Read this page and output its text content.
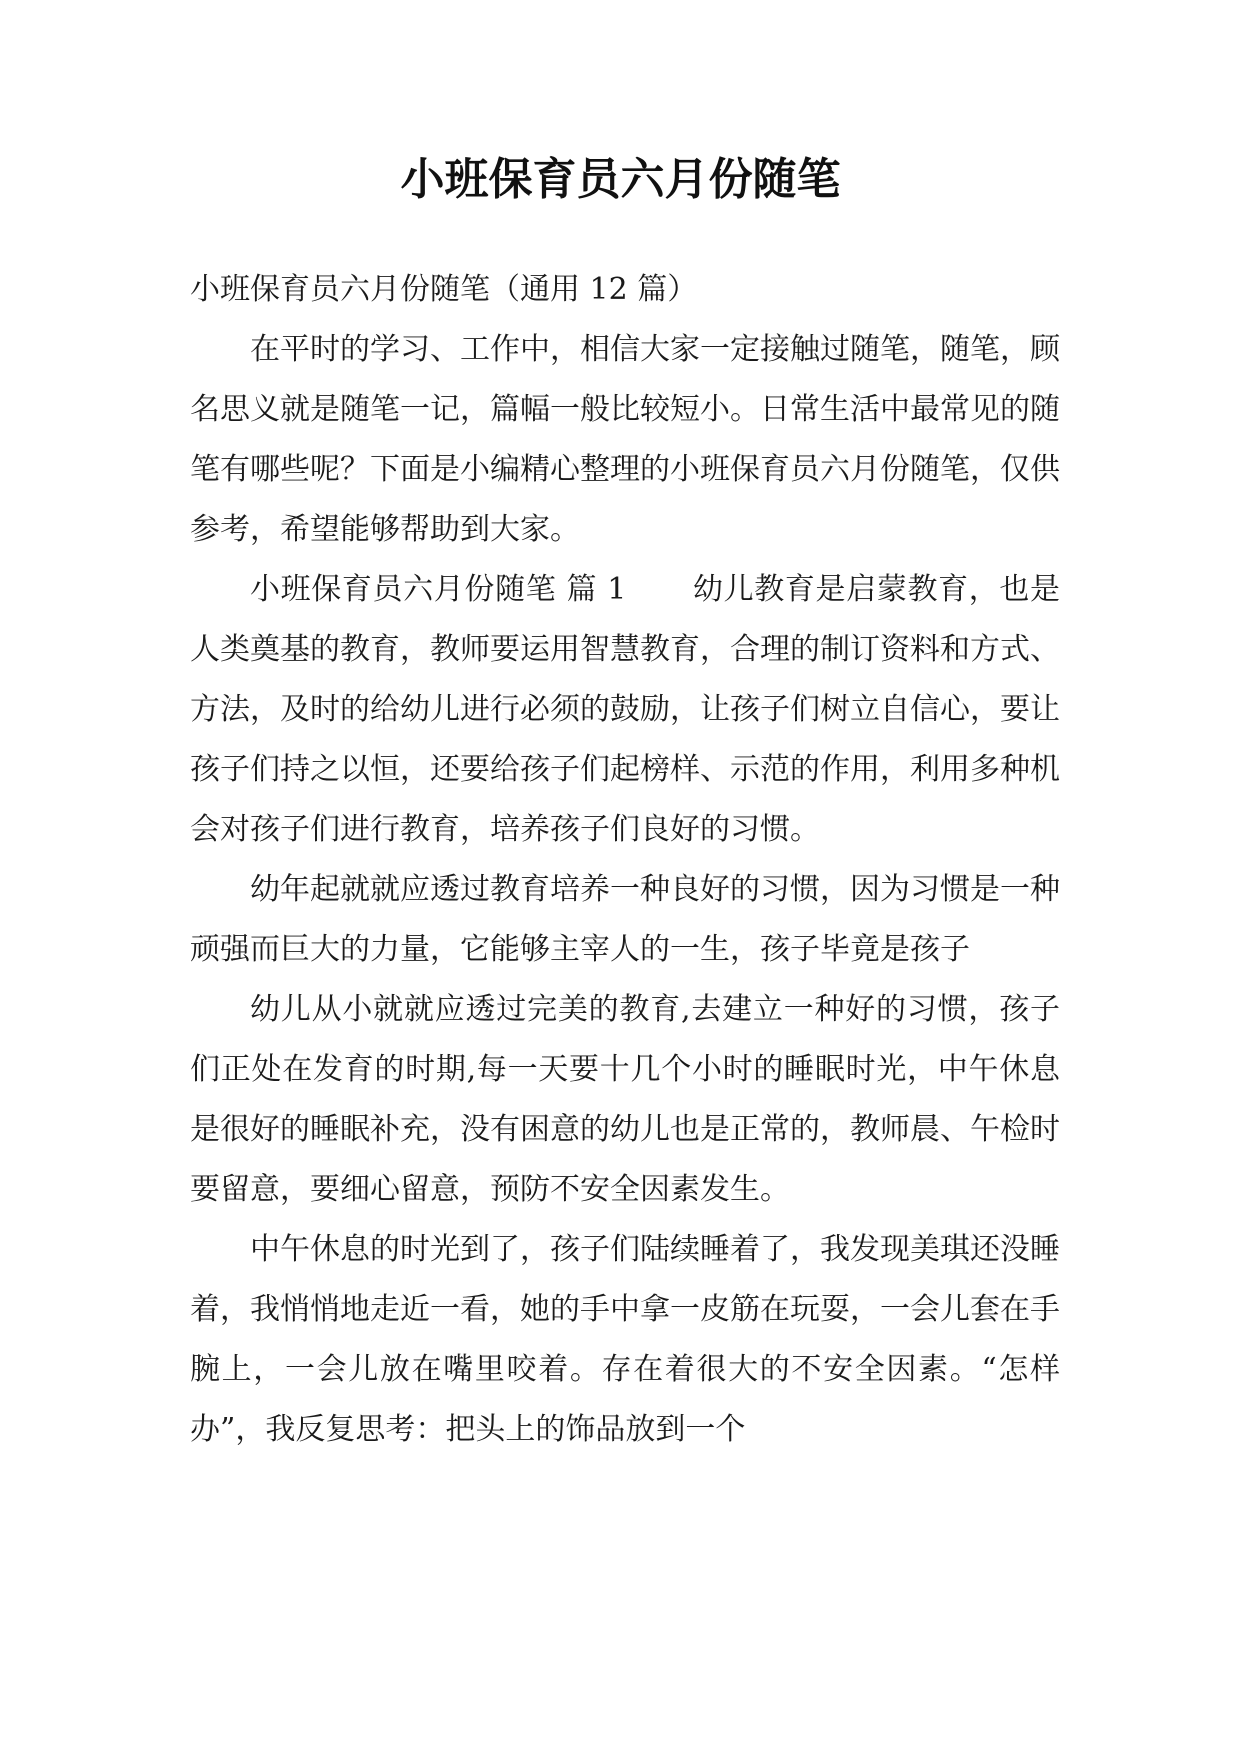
小班保育员六月份随笔

小班保育员六月份随笔（通用 12 篇）

在平时的学习、工作中，相信大家一定接触过随笔，随笔，顾名思义就是随笔一记，篇幅一般比较短小。日常生活中最常见的随笔有哪些呢？下面是小编精心整理的小班保育员六月份随笔，仅供参考，希望能够帮助到大家。

小班保育员六月份随笔 篇 1 幼儿教育是启蒙教育，也是人类奠基的教育，教师要运用智慧教育，合理的制订资料和方式、方法，及时的给幼儿进行必须的鼓励，让孩子们树立自信心，要让孩子们持之以恒，还要给孩子们起榜样、示范的作用，利用多种机会对孩子们进行教育，培养孩子们良好的习惯。

幼年起就就应透过教育培养一种良好的习惯，因为习惯是一种顽强而巨大的力量，它能够主宰人的一生，孩子毕竟是孩子

幼儿从小就就应透过完美的教育,去建立一种好的习惯，孩子们正处在发育的时期,每一天要十几个小时的睡眠时光，中午休息是很好的睡眠补充，没有困意的幼儿也是正常的，教师晨、午检时要留意，要细心留意，预防不安全因素发生。

中午休息的时光到了，孩子们陆续睡着了，我发现美琪还没睡着，我悄悄地走近一看，她的手中拿一皮筋在玩耍，一会儿套在手腕上，一会儿放在嘴里咬着。存在着很大的不安全因素。“怎样办”，我反复思考：把头上的饰品放到一个
